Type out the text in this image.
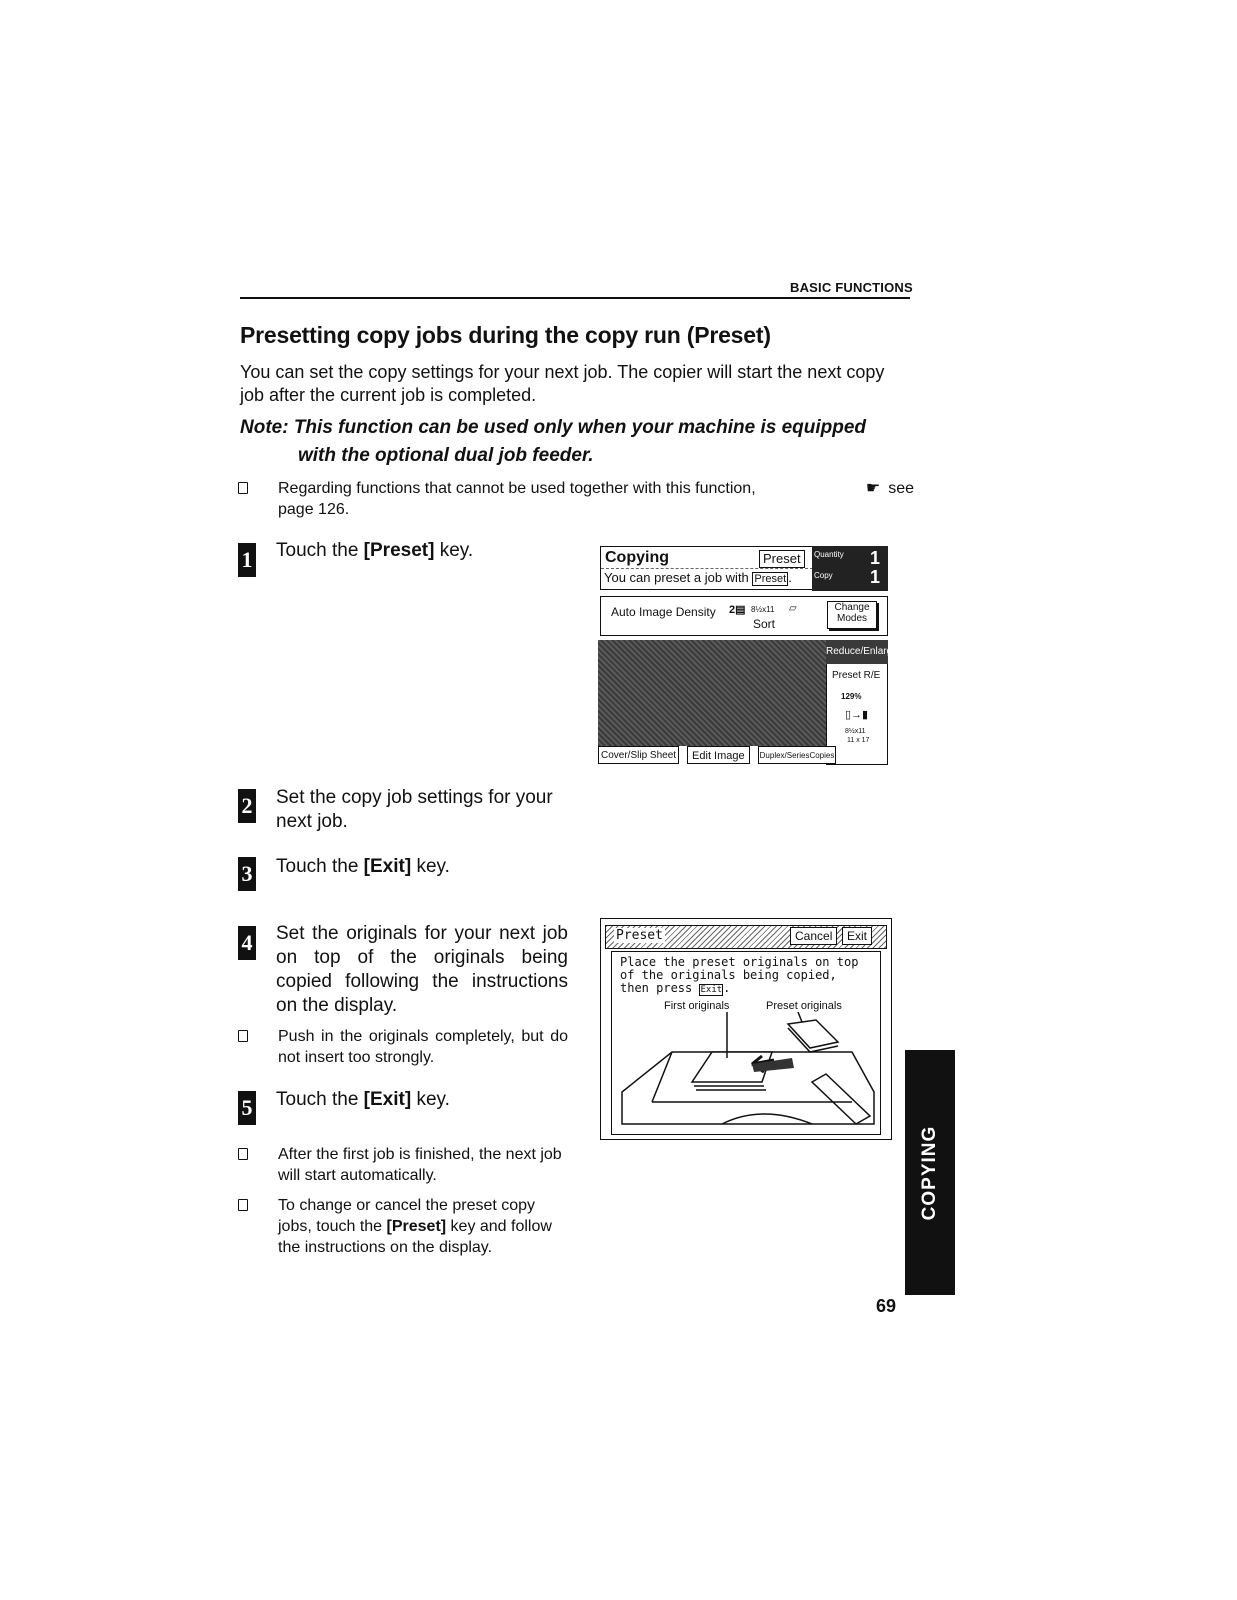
BASIC FUNCTIONS
Presetting copy jobs during the copy run (Preset)
You can set the copy settings for your next job. The copier will start the next copy job after the current job is completed.
Note: This function can be used only when your machine is equipped
with the optional dual job feeder.
Regarding functions that cannot be used together with this function,	☛ see
page 126.
1 Touch the [Preset] key.	Copying	Preset
You can preset a job with Preset .
Quantity 1
Copy 1
Auto Image Density 2▤ 8½x11 ▱
Sort
Change
Modes
Reduce/Enlarge
Preset R/E
129%
▯→▮
8½x11
11 x 17
Cover/Slip Sheet	Edit Image	Duplex/SeriesCopies
2 Set the copy job settings for your next job.
3 Touch the [Exit] key.
4 Set the originals for your next job on top of the originals being copied following the instructions on the display.
Push in the originals completely, but do not insert too strongly.
Preset	Cancel	Exit
Place the preset originals on top
of the originals being copied,
then press Exit.
First originals	Preset originals
5 Touch the [Exit] key.
After the first job is finished, the next job will start automatically.
To change or cancel the preset copy jobs, touch the [Preset] key and follow the instructions on the display.
COPYING
69
